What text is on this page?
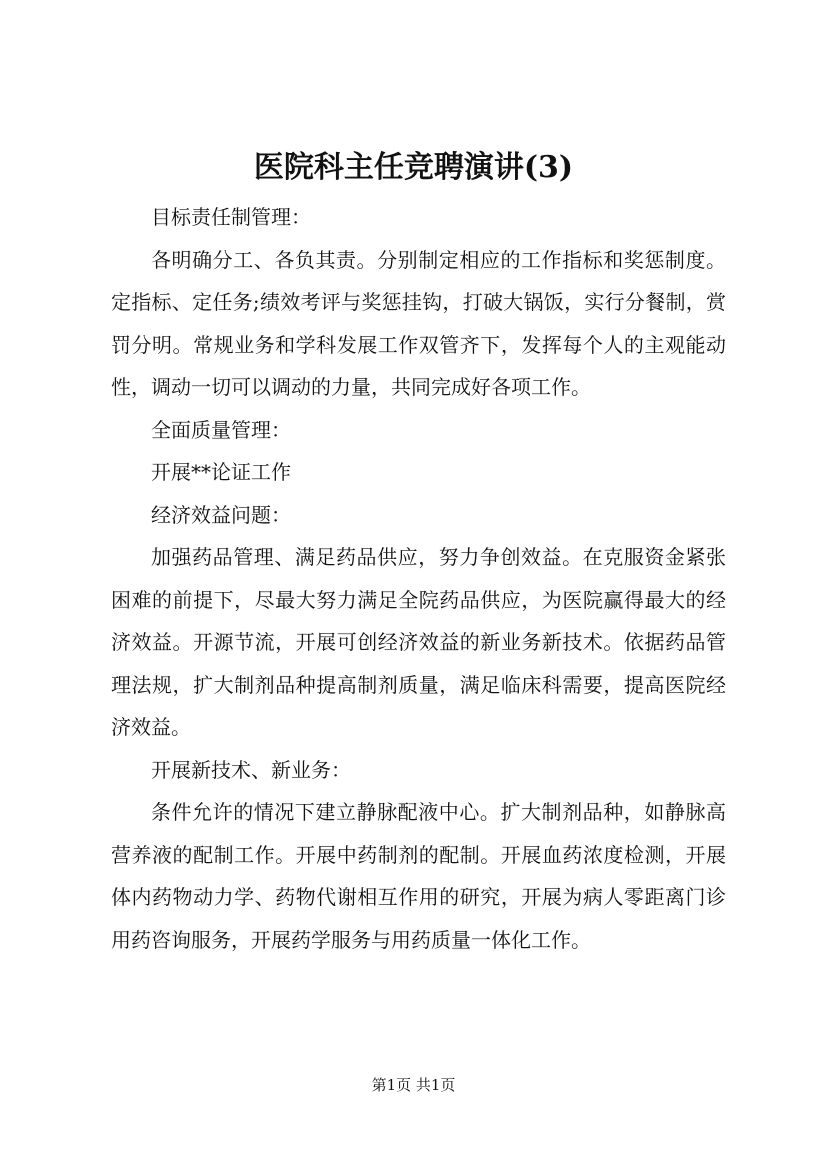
医院科主任竞聘演讲(3)

目标责任制管理：

各明确分工、各负其责。分别制定相应的工作指标和奖惩制度。定指标、定任务;绩效考评与奖惩挂钩，打破大锅饭，实行分餐制，赏罚分明。常规业务和学科发展工作双管齐下，发挥每个人的主观能动性，调动一切可以调动的力量，共同完成好各项工作。

全面质量管理：

开展**论证工作

经济效益问题：

加强药品管理、满足药品供应，努力争创效益。在克服资金紧张困难的前提下，尽最大努力满足全院药品供应，为医院赢得最大的经济效益。开源节流，开展可创经济效益的新业务新技术。依据药品管理法规，扩大制剂品种提高制剂质量，满足临床科需要，提高医院经济效益。

开展新技术、新业务：

条件允许的情况下建立静脉配液中心。扩大制剂品种，如静脉高营养液的配制工作。开展中药制剂的配制。开展血药浓度检测，开展体内药物动力学、药物代谢相互作用的研究，开展为病人零距离门诊用药咨询服务，开展药学服务与用药质量一体化工作。

第1页 共1页
